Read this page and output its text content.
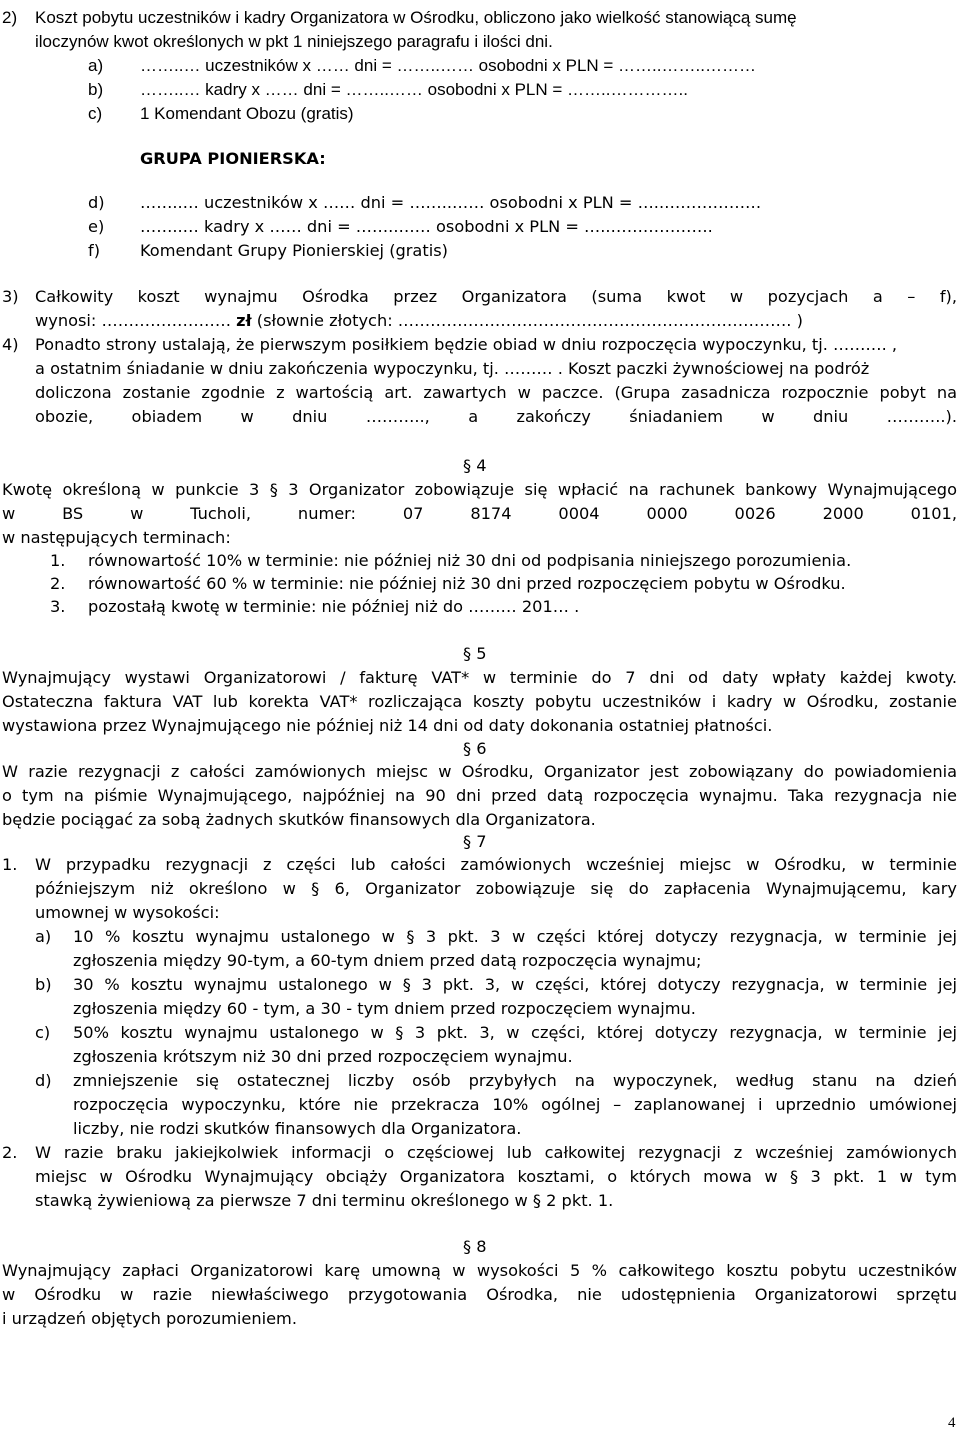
2) Koszt pobytu uczestników i kadry Organizatora w Ośrodku, obliczono jako wielkość stanowiącą sumę
iloczynów kwot określonych w pkt 1 niniejszego paragrafu i ilości dni.
a) ……..… uczestników x …… dni = ……..…… osobodni x PLN = ……..……..………
b) ……..… kadry x …… dni = ……..…… osobodni x PLN = ……..…………..
c) 1 Komendant Obozu (gratis)
GRUPA PIONIERSKA:
d) ……..… uczestników x …… dni = ……..…… osobodni x PLN = …..………………
e) ……..… kadry x …… dni = ……..…… osobodni x PLN = …..……………….
f) Komendant Grupy Pionierskiej (gratis)
3) Całkowity koszt wynajmu Ośrodka przez Organizatora (suma kwot w pozycjach a – f),
wynosi: …………………… zł (słownie złotych: ………………………………………………………………. )
4) Ponadto strony ustalają, że pierwszym posiłkiem będzie obiad w dniu rozpoczęcia wypoczynku, tj. ………. ,
a ostatnim śniadanie w dniu zakończenia wypoczynku, tj. ……… . Koszt paczki żywnościowej na podróż
doliczona zostanie zgodnie z wartością art. zawartych w paczce. (Grupa zasadnicza rozpocznie pobyt na
obozie, obiadem w dniu ……….., a zakończy śniadaniem w dniu ………..).
§ 4
Kwotę określoną w punkcie 3 § 3 Organizator zobowiązuje się wpłacić na rachunek bankowy Wynajmującego
w BS w Tucholi, numer: 07 8174 0004 0000 0026 2000 0101,
w następujących terminach:
1. równowartość 10% w terminie: nie później niż 30 dni od podpisania niniejszego porozumienia.
2. równowartość 60 % w terminie: nie później niż 30 dni przed rozpoczęciem pobytu w Ośrodku.
3. pozostałą kwotę w terminie: nie później niż do ……… 201… .
§ 5
Wynajmujący wystawi Organizatorowi / fakturę VAT* w terminie do 7 dni od daty wpłaty każdej kwoty.
Ostateczna faktura VAT lub korekta VAT* rozliczająca koszty pobytu uczestników i kadry w Ośrodku, zostanie
wystawiona przez Wynajmującego nie później niż 14 dni od daty dokonania ostatniej płatności.
§ 6
W razie rezygnacji z całości zamówionych miejsc w Ośrodku, Organizator jest zobowiązany do powiadomienia
o tym na piśmie Wynajmującego, najpóźniej na 90 dni przed datą rozpoczęcia wynajmu. Taka rezygnacja nie
będzie pociągać za sobą żadnych skutków finansowych dla Organizatora.
§ 7
1. W przypadku rezygnacji z części lub całości zamówionych wcześniej miejsc w Ośrodku, w terminie
późniejszym niż określono w § 6, Organizator zobowiązuje się do zapłacenia Wynajmującemu, kary
umownej w wysokości:
a) 10 % kosztu wynajmu ustalonego w § 3 pkt. 3 w części której dotyczy rezygnacja, w terminie jej
zgłoszenia między 90-tym, a 60-tym dniem przed datą rozpoczęcia wynajmu;
b) 30 % kosztu wynajmu ustalonego w § 3 pkt. 3, w części, której dotyczy rezygnacja, w terminie jej
zgłoszenia między 60 - tym, a 30 - tym dniem przed rozpoczęciem wynajmu.
c) 50% kosztu wynajmu ustalonego w § 3 pkt. 3, w części, której dotyczy rezygnacja, w terminie jej
zgłoszenia krótszym niż 30 dni przed rozpoczęciem wynajmu.
d) zmniejszenie się ostatecznej liczby osób przybyłych na wypoczynek, według stanu na dzień
rozpoczęcia wypoczynku, które nie przekracza 10% ogólnej – zaplanowanej i uprzednio umówionej
liczby, nie rodzi skutków finansowych dla Organizatora.
2. W razie braku jakiejkolwiek informacji o częściowej lub całkowitej rezygnacji z wcześniej zamówionych
miejsc w Ośrodku Wynajmujący obciąży Organizatora kosztami, o których mowa w § 3 pkt. 1 w tym
stawką żywieniową za pierwsze 7 dni terminu określonego w § 2 pkt. 1.
§ 8
Wynajmujący zapłaci Organizatorowi karę umowną w wysokości 5 % całkowitego kosztu pobytu uczestników
w Ośrodku w razie niewłaściwego przygotowania Ośrodka, nie udostępnienia Organizatorowi sprzętu
i urządzeń objętych porozumieniem.
4
